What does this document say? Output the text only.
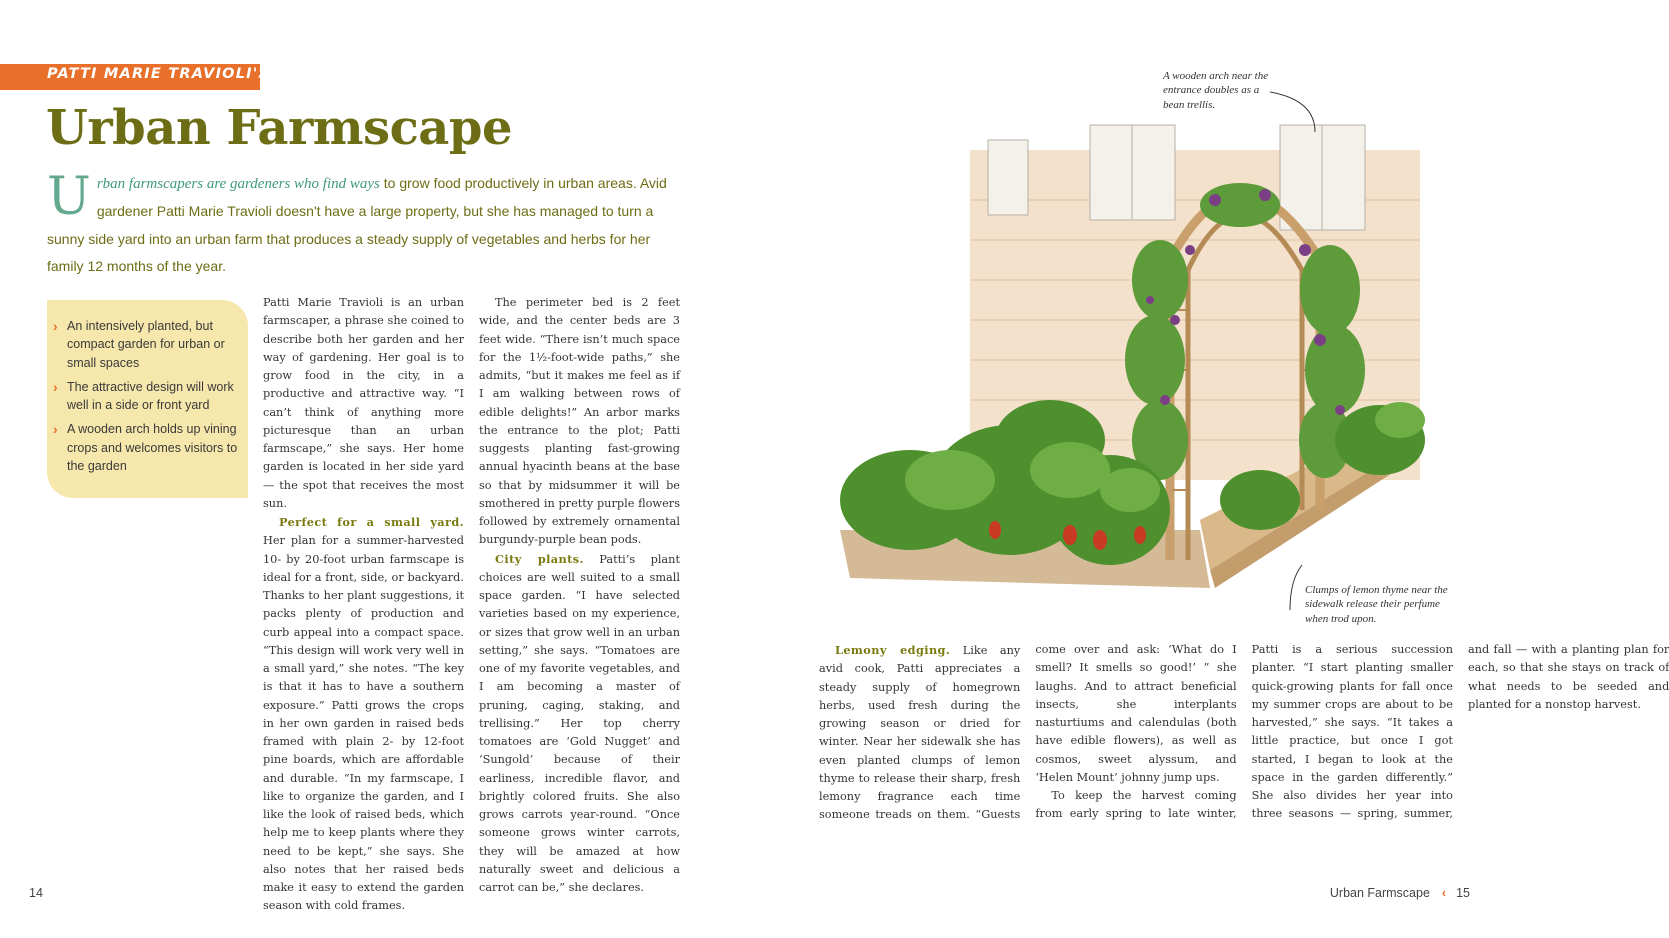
PATTI MARIE TRAVIOLI'S
Urban Farmscape
Urban farmscapers are gardeners who find ways to grow food productively in urban areas. Avid gardener Patti Marie Travioli doesn't have a large property, but she has managed to turn a sunny side yard into an urban farm that produces a steady supply of vegetables and herbs for her family 12 months of the year.
› An intensively planted, but compact garden for urban or small spaces
› The attractive design will work well in a side or front yard
› A wooden arch holds up vining crops and welcomes visitors to the garden

Patti Marie Travioli is an urban farmscaper, a phrase she coined to describe both her garden and her way of gardening. Her goal is to grow food in the city, in a productive and attractive way. “I can’t think of anything more picturesque than an urban farmscape,” she says. Her home garden is located in her side yard — the spot that receives the most sun.

Perfect for a small yard. Her plan for a summer-harvested 10- by 20-foot urban farmscape is ideal for a front, side, or backyard. Thanks to her plant suggestions, it packs plenty of production and curb appeal into a compact space. “This design will work very well in a small yard,” she notes. “The key is that it has to have a southern exposure.” Patti grows the crops in her own garden in raised beds framed with plain 2- by 12-foot pine boards, which are affordable and durable. “In my farmscape, I like to organize the garden, and I like the look of raised beds, which help me to keep plants where they need to be kept,” she says. She also notes that her raised beds make it easy to extend the garden season with cold frames.

The perimeter bed is 2 feet wide, and the center beds are 3 feet wide. “There isn’t much space for the 1½-foot-wide paths,” she admits, “but it makes me feel as if I am walking between rows of edible delights!” An arbor marks the entrance to the plot; Patti suggests planting fast-growing annual hyacinth beans at the base so that by midsummer it will be smothered in pretty purple flowers followed by extremely ornamental burgundy-purple bean pods.

City plants. Patti’s plant choices are well suited to a small space garden. “I have selected varieties based on my experience, or sizes that grow well in an urban setting,” she says. “Tomatoes are one of my favorite vegetables, and I am becoming a master of pruning, caging, staking, and trellising.” Her top cherry tomatoes are ‘Gold Nugget’ and ‘Sungold’ because of their earliness, incredible flavor, and brightly colored fruits. She also grows carrots year-round. “Once someone grows winter carrots, they will be amazed at how naturally sweet and delicious a carrot can be,” she declares.

Lemony edging. Like any avid cook, Patti appreciates a steady supply of homegrown herbs, used fresh during the growing season or dried for winter. Near her sidewalk she has even planted clumps of lemon thyme to release their sharp, fresh lemony fragrance each time someone treads on them. “Guests come over and ask: ‘What do I smell? It smells so good!’ ” she laughs. And to attract beneficial insects, she interplants nasturtiums and calendulas (both have edible flowers), as well as cosmos, sweet alyssum, and ‘Helen Mount’ johnny jump ups.

To keep the harvest coming from early spring to late winter, Patti is a serious succession planter. “I start planting smaller quick-growing plants for fall once my summer crops are about to be harvested,” she says. “It takes a little practice, but once I got started, I began to look at the space in the garden differently.” She also divides her year into three seasons — spring, summer, and fall — with a planting plan for each, so that she stays on track of what needs to be seeded and planted for a nonstop harvest.

A wooden arch near the entrance doubles as a bean trellis.
Clumps of lemon thyme near the sidewalk release their perfume when trod upon.
14	Urban Farmscape ‹ 15
